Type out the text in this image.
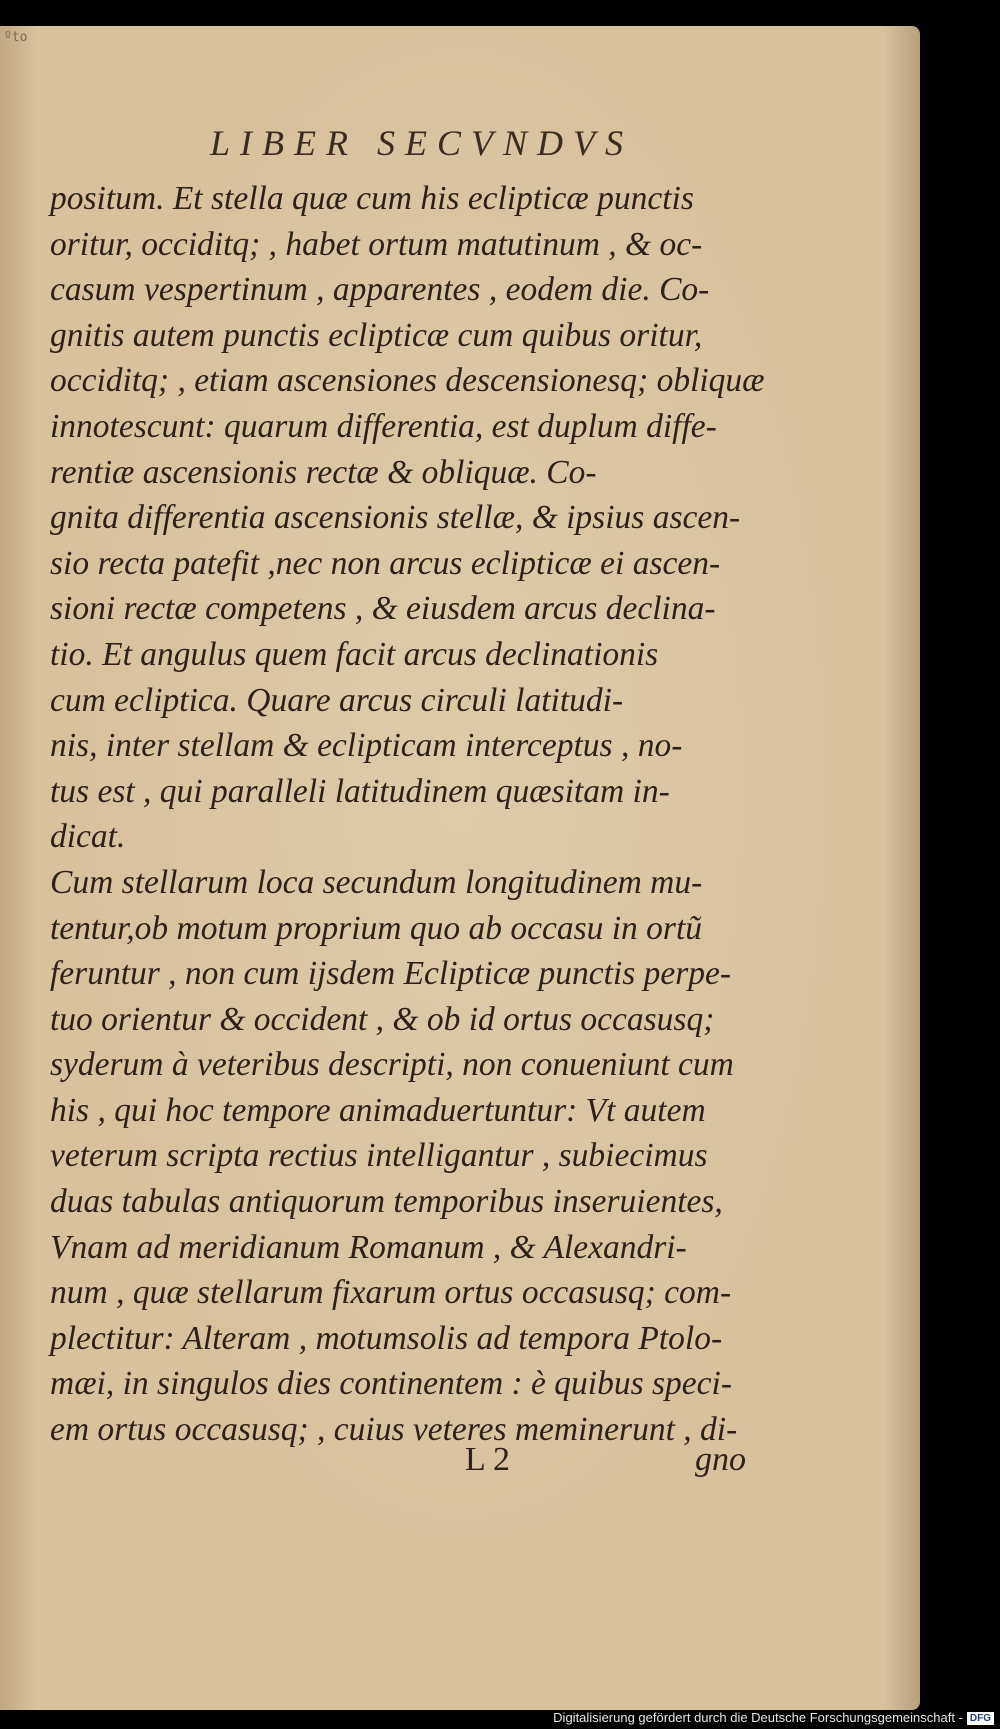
ºto
LIBER SECVNDVS
positum. Et stella quæ cum his eclipticæ punctis
oritur, occiditq; , habet ortum matutinum , & oc-
casum vespertinum , apparentes , eodem die. Co-
gnitis autem punctis eclipticæ cum quibus oritur,
occiditq; , etiam ascensiones descensionesq; obliquæ
innotescunt: quarum differentia, est duplum diffe-
rentiæ ascensionis rectæ & obliquæ. Co-
gnita differentia ascensionis stellæ, & ipsius ascen-
sio recta patefit ,nec non arcus eclipticæ ei ascen-
sioni rectæ competens , & eiusdem arcus declina-
tio. Et angulus quem facit arcus declinationis
cum ecliptica. Quare arcus circuli latitudi-
nis, inter stellam & eclipticam interceptus , no-
tus est , qui paralleli latitudinem quæsitam in-
dicat.
Cum stellarum loca secundum longitudinem mu-
tentur,ob motum proprium quo ab occasu in ortũ
feruntur , non cum ijsdem Eclipticæ punctis perpe-
tuo orientur & occident , & ob id ortus occasusq;
syderum à veteribus descripti, non conueniunt cum
his , qui hoc tempore animaduertuntur: Vt autem
veterum scripta rectius intelligantur , subiecimus
duas tabulas antiquorum temporibus inseruientes,
Vnam ad meridianum Romanum , & Alexandri-
num , quæ stellarum fixarum ortus occasusq; com-
plectitur: Alteram , motumsolis ad tempora Ptolo-
mæi, in singulos dies continentem : è quibus speci-
em ortus occasusq; , cuius veteres meminerunt , di-
L 2	gno
Digitalisierung gefördert durch die Deutsche Forschungsgemeinschaft - DFG
